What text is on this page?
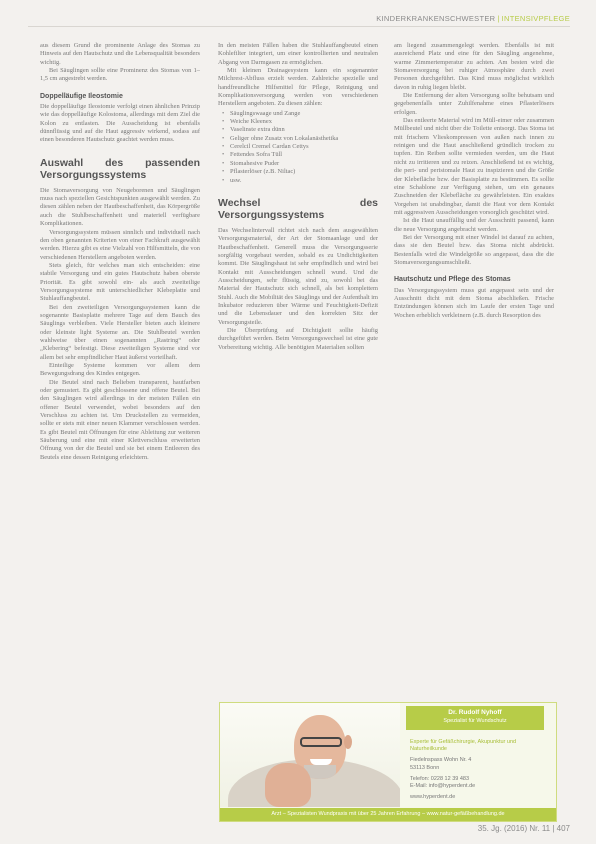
KINDERKRANKENSCHWESTER | INTENSIVPFLEGE

aus diesem Grund die prominente Anlage des Stomas zu Hinweis auf den Hautschutz und die Lebensqualität besonders wichtig.

Bei Säuglingen sollte eine Prominenz des Stomas von 1–1,5 cm angestrebt werden.

Doppelläufige Ileostomie

Die doppelläufige Ileostomie verfolgt einen ähnlichen Prinzip wie das doppelläufige Kolostoma, allerdings mit dem Ziel die Kolon zu entlasten. Die Ausscheidung ist ebenfalls dünnflüssig und auf die Haut aggressiv wirkend, sodass auf einen besonderen Hautschutz geachtet werden muss.

Auswahl des passenden Versorgungssystems

Die Stomaversorgung von Neugeborenen und Säuglingen muss nach speziellen Gesichtspunkten ausgewählt werden. Zu diesen zählen neben der Hautbeschaffenheit, das Körpergröße auch die Stuhlbeschaffenheit und materiell verfügbare Komplikationen.

Versorgungssystem müssen sinnlich und individuell nach den oben genannten Kriterien von einer Fachkraft ausgewählt werden. Hierzu gibt es eine Vielzahl von Hilfsmitteln, die von verschiedenen Herstellern angeboten werden.

Stets gleich, für welches man sich entscheiden: eine stabile Versorgung und ein gutes Hautschutz haben oberste Priorität. Es gibt sowohl ein- als auch zweiteilige Versorgungssysteme mit unterschiedlicher Klebeplatte und Stuhlauffangbeutel.

Bei den zweiteiligen Versorgungssystemen kann die sogenannte Basisplatte mehrere Tage auf dem Bauch des Säuglings verbleiben. Viele Hersteller bieten auch kleinere oder kleinste light Systeme an. Die Stuhlbeutel werden wahlweise über einen sogenannten „Rastring“ oder „Klebering“ befestigt. Diese zweiteiligen Systeme sind vor allem bei sehr empfindlicher Haut äußerst vorteilhaft.

Einteilige Systeme kommen vor allem dem Bewegungsdrang des Kindes entgegen.

Die Beutel sind nach Belieben transparent, hautfarben oder gemustert. Es gibt geschlossene und offene Beutel. Bei den Säuglingen wird allerdings in der meisten Fällen ein offener Beutel verwendet, wobei besonders auf den Verschluss zu achten ist. Um Druckstellen zu vermeiden, sollte er stets mit einer neuen Klammer verschlossen werden. Es gibt Beutel mit Öffnungen für eine Ableitung zur weiteren Säuberung und eine mit einer Klettverschluss erweiterten Öffnung von der die Beutel und sie bei einem Entleeren des Beutels eine dessen Reinigung erleichtern.

In den meisten Fällen haben die Stuhlauffangbeutel einen Kohlefilter integriert, um einer kontrollierten und neutralen Abgang von Darmgasen zu ermöglichen.

Mit kleinen Drainagesystem kann ein sogenannter Milchrest-Abfluss erzielt werden. Zahlreiche spezielle und handfreundliche Hilfsmittel für Pflege, Reinigung und Komplikationsversorgung werden von verschiedenen Herstellern angeboten. Zu diesen zählen:

• Säuglingswaage und Zange
• Weiche Kleenex
• Vaselinste extra dünn
• Geliger ohne Zusatz von Lokalanästhetika
• Cerelcil Cremel Cardan Cettys
• Fettendes Sofra Tüll
• Stomahesive Puder
• Pflasterlöser (z.B. Niltac)
• usw.
Wechsel des Versorgungssystems

Das Wechselintervall richtet sich nach dem ausgewählten Versorgungsmaterial, der Art der Stomaanlage und der Hautbeschaffenheit. Generell muss die Versorgungsserie sorgfältig vorgebaut werden, sobald es zu Undichtigkeiten kommt. Die Säuglingshaut ist sehr empfindlich und wird bei Kontakt mit Ausscheidungen schnell wund. Und die Ausscheidungen, sehr flüssig, sind zu, sowohl bei das Material der Hautschutz sich schnell, als bei komplettem Stuhl. Auch die Mobilität des Säuglings und der Aufenthalt im Inkubator reduzieren über Wärme und Feuchtigkeit-Defizit und die Lebensdauer und den korrekten Sitz der Versorgungsteile.

Die Überprüfung auf Dichtigkeit sollte häufig durchgeführt werden. Beim Versorgungswechsel ist eine gute Vorbereitung wichtig. Alle benötigten Materialien sollten

am liegend zusammengelegt werden. Ebenfalls ist mit ausreichend Platz und eine für den Säugling angenehme, warme Zimmertemperatur zu achten. Am besten wird die Stomaversorgung bei ruhiger Atmosphäre durch zwei Personen durchgeführt. Das Kind muss möglichst wirklich davon in ruhig liegen bleibt.

Die Entfernung der alten Versorgung sollte behutsam und gegebenenfalls unter Zuhilfenahme eines Pflasterlösers erfolgen.

Das entleerte Material wird im Müll-eimer oder zusammen Müllbeutel und nicht über die Toilette entsorgt. Das Stoma ist mit frischem Vlieskompressen von außen nach innen zu reinigen und die Haut anschließend gründlich trocken zu tupfen. Ein Reiben sollte vermieden werden, um die Haut nicht zu irritieren und zu reizen. Anschließend ist es wichtig, die peri- und peristomale Haut zu inspizieren und die Größe der Klebefläche bzw. der Basisplatte zu bestimmen. Es sollte eine Schablone zur Verfügung stehen, um ein genaues Zuschneiden der Klebefläche zu gewährleisten. Ein exaktes Vorgehen ist unabdingbar, damit die Haut vor dem Kontakt mit aggressiven Ausscheidungen vorsorglich geschützt wird.

Ist die Haut unauffällig und der Ausschnitt passend, kann die neue Versorgung angebracht werden.

Bei der Versorgung mit einer Windel ist darauf zu achten, dass sie den Beutel bzw. das Stoma nicht abdrückt. Bestenfalls wird die Windelgröße so angepasst, dass die die Stomaversorgungsumschließt.

Hautschutz und Pflege des Stomas

Das Versorgungssystem muss gut angepasst sein und der Ausschnitt dicht mit dem Stoma abschließen. Frische Entzündungen können sich im Laufe der ersten Tage und Wochen erheblich verkleinern (z.B. durch Resorption des

Dr. Rudolf Nyhoff
Spezialist für Wundschutz
Experte für Gefäßchirurgie, Akupunktur und Naturheilkunde
Fiedelnspass Wohn Nr. 4
53113 Bonn
Telefon: 0228 12 39 483
E-Mail: info@hyperdent.de
www.hyperdent.de
Arzt – Spezialisten Wundpraxis mit über 25 Jahren Erfahrung – www.natur-gefäßbehandlung.de
35. Jg. (2016) Nr. 11 | 407
